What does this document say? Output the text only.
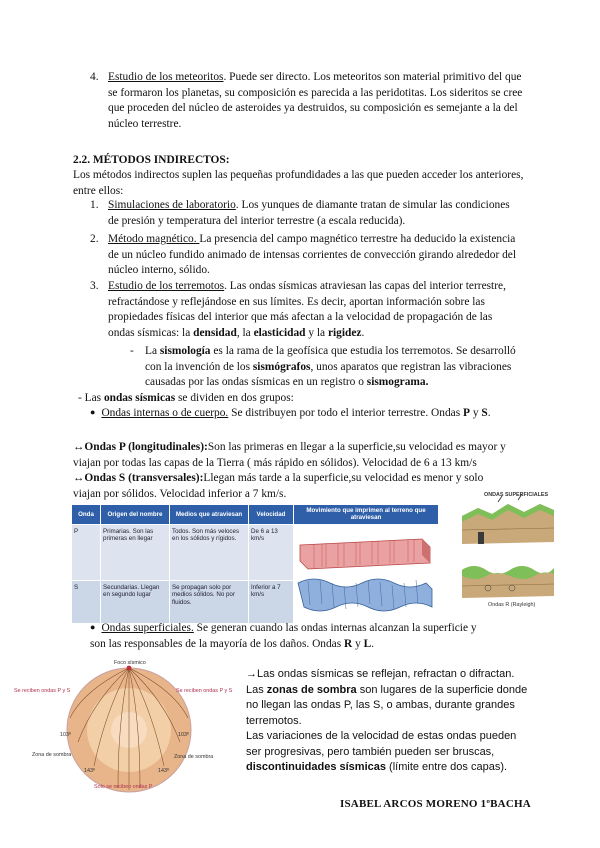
4. Estudio de los meteoritos. Puede ser directo. Los meteoritos son material primitivo del que se formaron los planetas, su composición es parecida a las peridotitas. Los sideritos se cree que proceden del núcleo de asteroides ya destruidos, su composición es semejante a la del núcleo terrestre.
2.2. MÉTODOS INDIRECTOS:
Los métodos indirectos suplen las pequeñas profundidades a las que pueden acceder los anteriores, entre ellos:
1. Simulaciones de laboratorio. Los yunques de diamante tratan de simular las condiciones de presión y temperatura del interior terrestre (a escala reducida).
2. Método magnético. La presencia del campo magnético terrestre ha deducido la existencia de un núcleo fundido animado de intensas corrientes de convección girando alrededor del núcleo interno, sólido.
3. Estudio de los terremotos. Las ondas sísmicas atraviesan las capas del interior terrestre, refractándose y reflejándose en sus límites. Es decir, aportan información sobre las propiedades físicas del interior que más afectan a la velocidad de propagación de las ondas sísmicas: la densidad, la elasticidad y la rigidez.
- La sismología es la rama de la geofísica que estudia los terremotos. Se desarrolló con la invención de los sismógrafos, unos aparatos que registran las vibraciones causadas por las ondas sísmicas en un registro o sismograma.
- Las ondas sísmicas se dividen en dos grupos:
● Ondas internas o de cuerpo. Se distribuyen por todo el interior terrestre. Ondas P y S.
↔Ondas P (longitudinales):Son las primeras en llegar a la superficie,su velocidad es mayor y viajan por todas las capas de la Tierra ( más rápido en sólidos). Velocidad de 6 a 13 km/s
↔Ondas S (transversales):Llegan más tarde a la superficie,su velocidad es menor y solo viajan por sólidos. Velocidad inferior a 7 km/s.
Onda	Origen del nombre	Medios que atraviesan	Velocidad	Movimiento que imprimen al terreno que atraviesan
P	Primarias. Son las primeras en llegar	Todos. Son más veloces en los sólidos y rígidos.	De 6 a 13 km/s	
S	Secundarias. Llegan en segundo lugar	Se propagan solo por medios sólidos. No por fluidos.	Inferior a 7 km/s	
ONDAS SUPERFICIALES
Ondas R (Rayleigh)
● Ondas superficiales. Se generan cuando las ondas internas alcanzan la superficie y son las responsables de la mayoría de los daños. Ondas R y L.
Foco sísmico
Se reciben ondas P y S	Se reciben ondas P y S
103º	103º
Zona de sombra	Zona de sombra
143º	143º
Solo se reciben ondas P
→Las ondas sísmicas se reflejan, refractan o difractan.
Las zonas de sombra son lugares de la superficie donde no llegan las ondas P, las S, o ambas, durante grandes terremotos.
Las variaciones de la velocidad de estas ondas pueden ser progresivas, pero también pueden ser bruscas, discontinuidades sísmicas (límite entre dos capas).
ISABEL ARCOS MORENO 1ºBACHA
